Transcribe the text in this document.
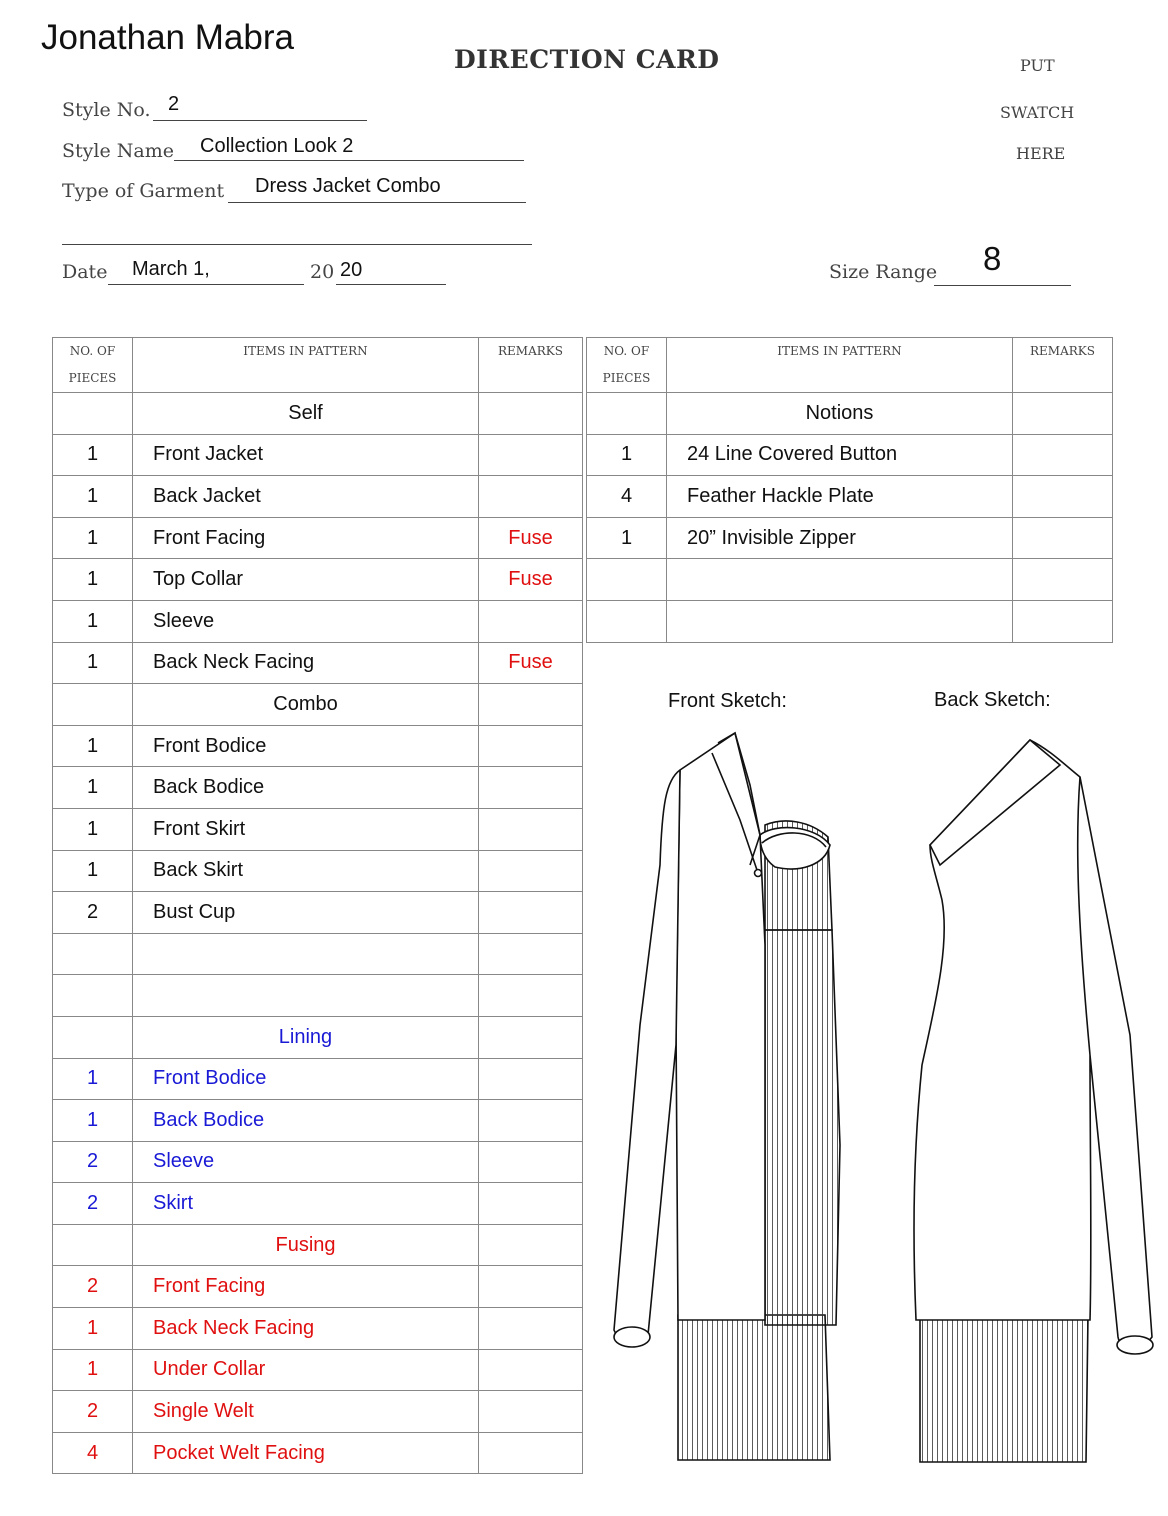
Jonathan Mabra
DIRECTION CARD	PUT
SWATCH
HERE
Style No. 2
Style Name Collection Look 2
Type of Garment Dress Jacket Combo
Date March 1,	20 20	Size Range 8
NO. OF
PIECES	ITEMS IN PATTERN	REMARKS
	Self	
1	Front Jacket	
1	Back Jacket	
1	Front Facing	Fuse
1	Top Collar	Fuse
1	Sleeve	
1	Back Neck Facing	Fuse
	Combo	
1	Front Bodice	
1	Back Bodice	
1	Front Skirt	
1	Back Skirt	
2	Bust Cup	

	Lining	
1	Front Bodice	
1	Back Bodice	
2	Sleeve	
2	Skirt	
	Fusing	
2	Front Facing	
1	Back Neck Facing	
1	Under Collar	
2	Single Welt	
4	Pocket Welt Facing	
NO. OF
PIECES	ITEMS IN PATTERN	REMARKS
	Notions	
1	24 Line Covered Button	
4	Feather Hackle Plate	
1	20” Invisible Zipper	

Front Sketch:	Back Sketch:
